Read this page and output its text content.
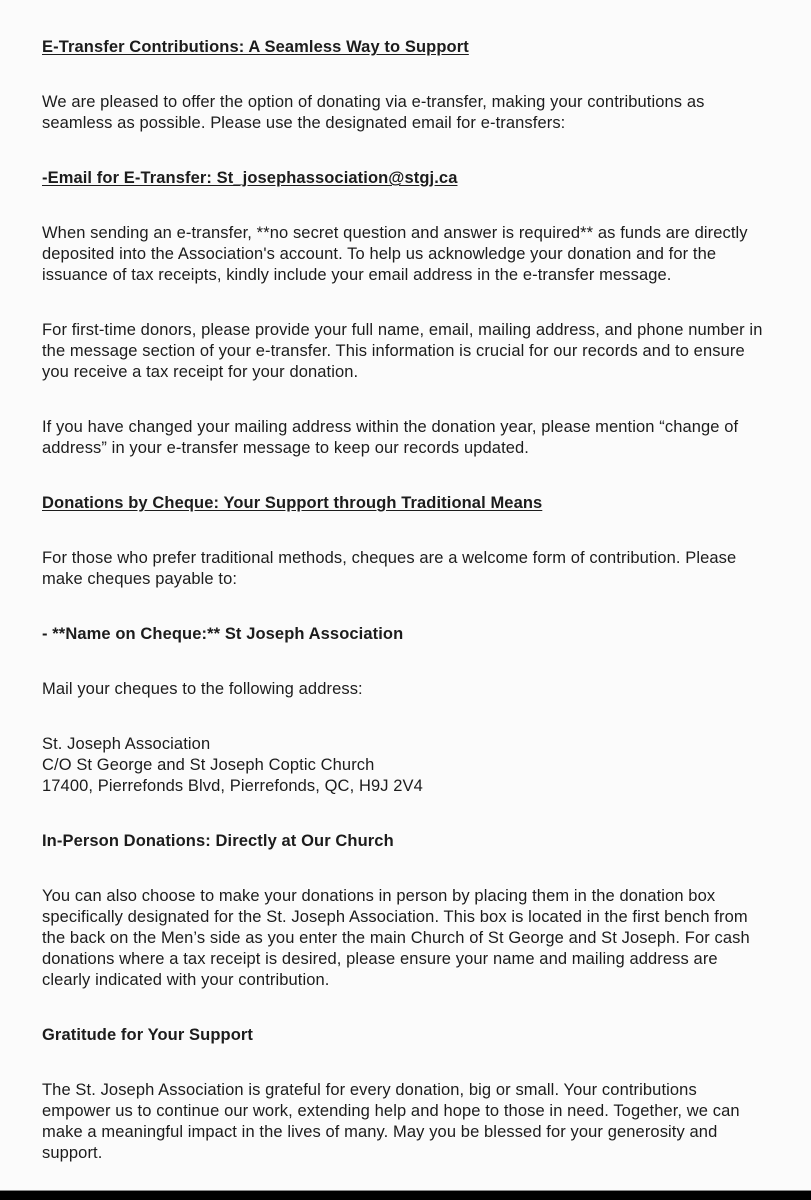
E-Transfer Contributions: A Seamless Way to Support
We are pleased to offer the option of donating via e-transfer, making your contributions as seamless as possible. Please use the designated email for e-transfers:
-Email for E-Transfer: St_josephassociation@stgj.ca
When sending an e-transfer, **no secret question and answer is required** as funds are directly deposited into the Association's account. To help us acknowledge your donation and for the issuance of tax receipts, kindly include your email address in the e-transfer message.
For first-time donors, please provide your full name, email, mailing address, and phone number in the message section of your e-transfer. This information is crucial for our records and to ensure you receive a tax receipt for your donation.
If you have changed your mailing address within the donation year, please mention “change of address” in your e-transfer message to keep our records updated.
Donations by Cheque: Your Support through Traditional Means
For those who prefer traditional methods, cheques are a welcome form of contribution. Please make cheques payable to:
- **Name on Cheque:** St Joseph Association
Mail your cheques to the following address:
St. Joseph Association
C/O St George and St Joseph Coptic Church
17400, Pierrefonds Blvd, Pierrefonds, QC, H9J 2V4
In-Person Donations: Directly at Our Church
You can also choose to make your donations in person by placing them in the donation box specifically designated for the St. Joseph Association. This box is located in the first bench from the back on the Men’s side as you enter the main Church of St George and St Joseph. For cash donations where a tax receipt is desired, please ensure your name and mailing address are clearly indicated with your contribution.
Gratitude for Your Support
The St. Joseph Association is grateful for every donation, big or small. Your contributions empower us to continue our work, extending help and hope to those in need. Together, we can make a meaningful impact in the lives of many. May you be blessed for your generosity and support.
